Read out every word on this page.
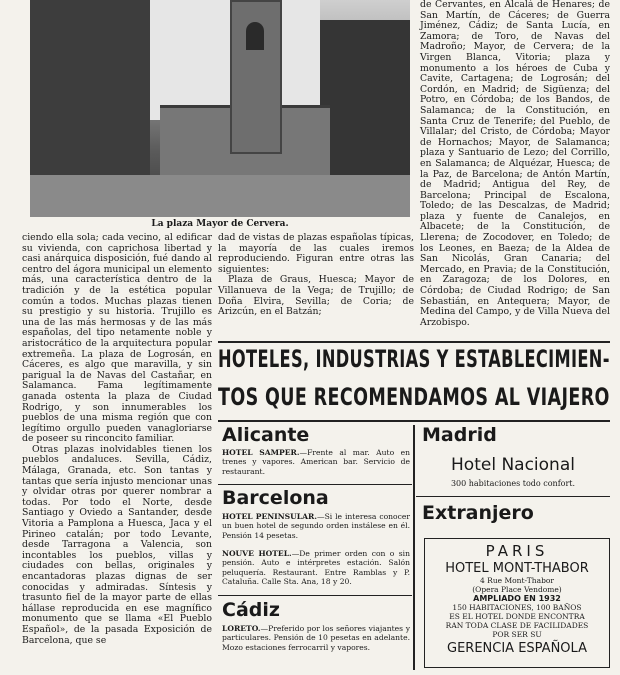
La plaza Mayor de Cervera.

ciendo ella sola; cada vecino, al edificar su vivienda, con caprichosa libertad y casi anárquica disposición, fué dando al centro del ágora municipal un elemento más, una característica dentro de la tradición y de la estética popular común a todos. Muchas plazas tienen su prestigio y su historia. Trujillo es una de las más hermosas y de las más españolas, del tipo netamente noble y aristocrático de la arquitectura popular extremeña. La plaza de Logrosán, en Cáceres, es algo que maravilla, y sin parigual la de Navas del Castañar, en Salamanca. Fama legítimamente ganada ostenta la plaza de Ciudad Rodrigo, y son innumerables los pueblos de una misma región que con legítimo orgullo pueden vanagloriarse de poseer su rinconcito familiar.

Otras plazas inolvidables tienen los pueblos andaluces. Sevilla, Cádiz, Málaga, Granada, etc. Son tantas y tantas que sería injusto mencionar unas y olvidar otras por querer nombrar a todas. Por todo el Norte, desde Santiago y Oviedo a Santander, desde Vitoria a Pamplona a Huesca, Jaca y el Pirineo catalán; por todo Levante, desde Tarragona a Valencia, son incontables los pueblos, villas y ciudades con bellas, originales y encantadoras plazas dignas de ser conocidas y admiradas. Síntesis y trasunto fiel de la mayor parte de ellas hállase reproducida en ese magnífico monumento que se llama «El Pueblo Español», de la pasada Exposición de Barcelona, que se

dad de vistas de plazas españolas típicas, la mayoría de las cuales iremos reproduciendo. Figuran entre otras las siguientes:

Plaza de Graus, Huesca; Mayor de Villanueva de la Vega; de Trujillo; de Doña Elvira, Sevilla; de Coria; de Arizcún, en el Batzán;

de Cervantes, en Alcalá de Henares; de San Martín, de Cáceres; de Guerra Jiménez, Cádiz; de Santa Lucía, en Zamora; de Toro, de Navas del Madroño; Mayor, de Cervera; de la Virgen Blanca, Vitoria; plaza y monumento a los héroes de Cuba y Cavite, Cartagena; de Logrosán; del Cordón, en Madrid; de Sigüenza; del Potro, en Córdoba; de los Bandos, de Salamanca; de la Constitución, en Santa Cruz de Tenerife; del Pueblo, de Villalar; del Cristo, de Córdoba; Mayor de Hornachos; Mayor, de Salamanca; plaza y Santuario de Lezo; del Corrillo, en Salamanca; de Alquézar, Huesca; de la Paz, de Barcelona; de Antón Martín, de Madrid; Antigua del Rey, de Barcelona; Principal de Escalona, Toledo; de las Descalzas, de Madrid; plaza y fuente de Canalejos, en Albacete; de la Constitución, de Llerena; de Zocodover, en Toledo; de los Leones, en Baeza; de la Aldea de San Nicolás, Gran Canaria; del Mercado, en Pravia; de la Constitución, en Zaragoza; de los Dolores, en Córdoba; de Ciudad Rodrigo; de San Sebastián, en Antequera; Mayor, de Medina del Campo, y de Villa Nueva del Arzobispo.

HOTELES, INDUSTRIAS Y ESTABLECIMIEN-
TOS QUE RECOMENDAMOS AL VIAJERO
Alicante
HOTEL SAMPER.—Frente al mar. Auto en trenes y vapores. American bar. Servicio de restaurant.
Barcelona
HOTEL PENINSULAR.—Si le interesa conocer un buen hotel de segundo orden instálese en él. Pensión 14 pesetas.
NOUVE HOTEL.—De primer orden con o sin pensión. Auto e intérpretes estación. Salón peluquería. Restaurant. Entre Ramblas y P. Cataluña. Calle Sta. Ana, 18 y 20.
Cádiz
LORETO.—Preferido por los señores viajantes y particulares. Pensión de 10 pesetas en adelante. Mozo estaciones ferrocarril y vapores.
Madrid
Hotel Nacional
300 habitaciones todo confort.
Extranjero
PARIS
HOTEL MONT-THABOR
4 Rue Mont-Thabor
(Opera Place Vendome)
AMPLIADO EN 1932
150 HABITACIONES, 100 BAÑOS
ES EL HOTEL DONDE ENCONTRA
RAN TODA CLASE DE FACILIDADES
POR SER SU
GERENCIA ESPAÑOLA
